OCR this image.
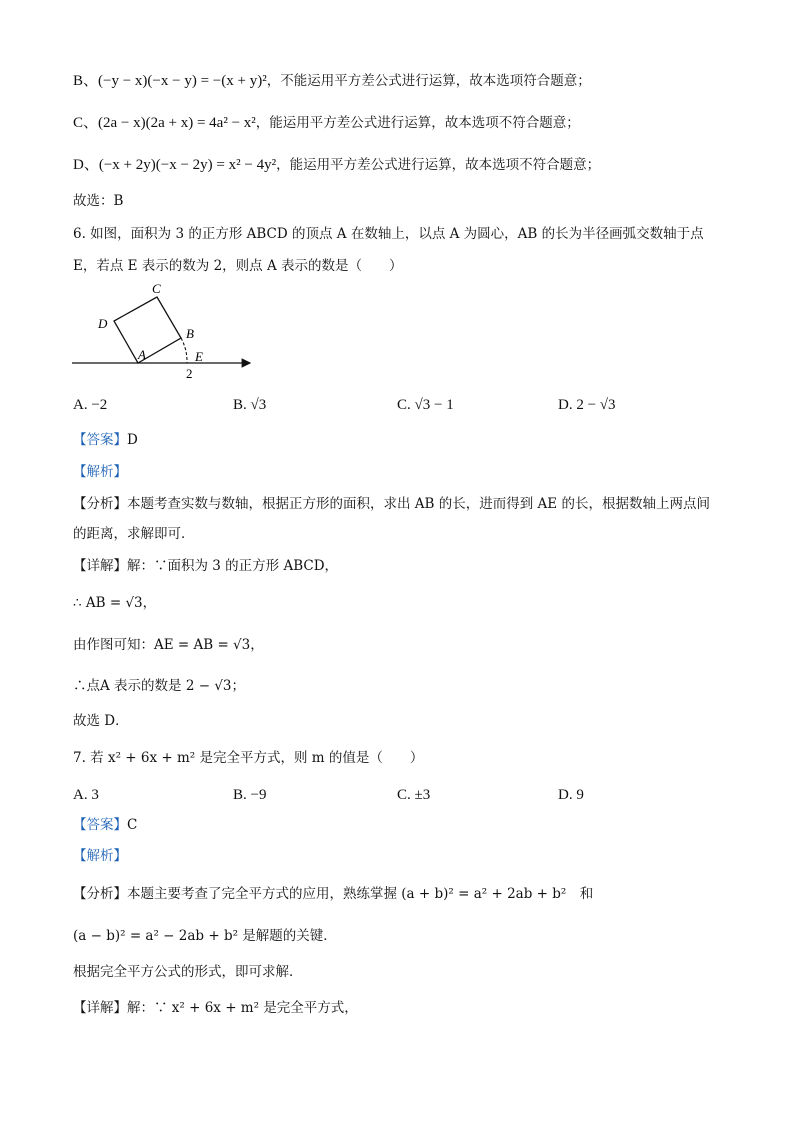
B、(−y − x)(−x − y) = −(x + y)²，不能运用平方差公式进行运算，故本选项符合题意；
C、(2a − x)(2a + x) = 4a² − x²，能运用平方差公式进行运算，故本选项不符合题意；
D、(−x + 2y)(−x − 2y) = x² − 4y²，能运用平方差公式进行运算，故本选项不符合题意；
故选：B
6. 如图，面积为 3 的正方形 ABCD 的顶点 A 在数轴上，以点 A 为圆心，AB 的长为半径画弧交数轴于点
E，若点 E 表示的数为 2，则点 A 表示的数是（　　）
C
D
B
A	E
2
A. −2	B. √3	C. √3 − 1	D. 2 − √3
【答案】D
【解析】
【分析】本题考查实数与数轴，根据正方形的面积，求出 AB 的长，进而得到 AE 的长，根据数轴上两点间
的距离，求解即可．
【详解】解：∵面积为 3 的正方形 ABCD，
∴ AB = √3，
由作图可知：AE = AB = √3，
∴点A 表示的数是 2 − √3；
故选 D．
7. 若 x² + 6x + m² 是完全平方式，则 m 的值是（　　）
A. 3	B. −9	C. ±3	D. 9
【答案】C
【解析】
【分析】本题主要考查了完全平方式的应用，熟练掌握 (a + b)² = a² + 2ab + b²　和
(a − b)² = a² − 2ab + b² 是解题的关键．
根据完全平方公式的形式，即可求解．
【详解】解：∵ x² + 6x + m² 是完全平方式，
